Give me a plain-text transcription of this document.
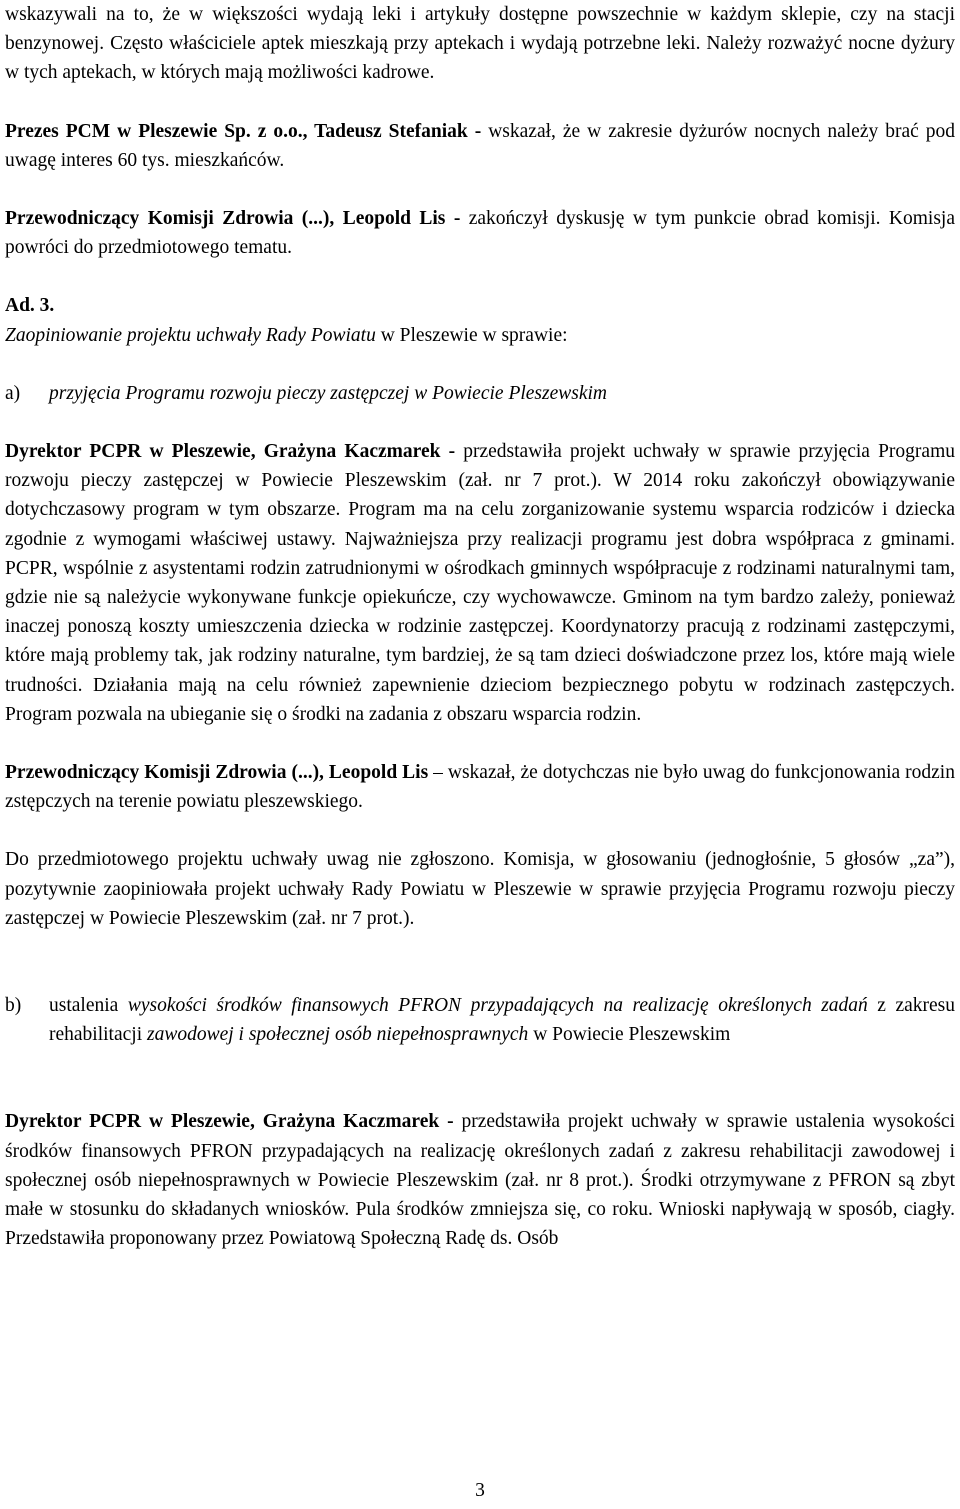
wskazywali na to, że w większości wydają leki i artykuły dostępne powszechnie w każdym sklepie, czy na stacji benzynowej. Często właściciele aptek mieszkają przy aptekach i wydają potrzebne leki. Należy rozważyć nocne dyżury w tych aptekach, w których mają możliwości kadrowe.

Prezes PCM w Pleszewie Sp. z o.o., Tadeusz Stefaniak - wskazał, że w zakresie dyżurów nocnych należy brać pod uwagę interes 60 tys. mieszkańców.

Przewodniczący Komisji Zdrowia (...), Leopold Lis - zakończył dyskusję w tym punkcie obrad komisji. Komisja powróci do przedmiotowego tematu.

Ad. 3.

Zaopiniowanie projektu uchwały Rady Powiatu w Pleszewie w sprawie:

a)	przyjęcia Programu rozwoju pieczy zastępczej w Powiecie Pleszewskim

Dyrektor PCPR w Pleszewie, Grażyna Kaczmarek - przedstawiła projekt uchwały w sprawie przyjęcia Programu rozwoju pieczy zastępczej w Powiecie Pleszewskim (zał. nr 7 prot.). W 2014 roku zakończył obowiązywanie dotychczasowy program w tym obszarze. Program ma na celu zorganizowanie systemu wsparcia rodziców i dziecka zgodnie z wymogami właściwej ustawy. Najważniejsza przy realizacji programu jest dobra współpraca z gminami. PCPR, wspólnie z asystentami rodzin zatrudnionymi w ośrodkach gminnych współpracuje z rodzinami naturalnymi tam, gdzie nie są należycie wykonywane funkcje opiekuńcze, czy wychowawcze. Gminom na tym bardzo zależy, ponieważ inaczej ponoszą koszty umieszczenia dziecka w rodzinie zastępczej. Koordynatorzy pracują z rodzinami zastępczymi, które mają problemy tak, jak rodziny naturalne, tym bardziej, że są tam dzieci doświadczone przez los, które mają wiele trudności. Działania mają na celu również zapewnienie dzieciom bezpiecznego pobytu w rodzinach zastępczych. Program pozwala na ubieganie się o środki na zadania z obszaru wsparcia rodzin.

Przewodniczący Komisji Zdrowia (...), Leopold Lis – wskazał, że dotychczas nie było uwag do funkcjonowania rodzin zstępczych na terenie powiatu pleszewskiego.

Do przedmiotowego projektu uchwały uwag nie zgłoszono. Komisja, w głosowaniu (jednogłośnie, 5 głosów „za”), pozytywnie zaopiniowała projekt uchwały Rady Powiatu w Pleszewie w sprawie przyjęcia Programu rozwoju pieczy zastępczej w Powiecie Pleszewskim (zał. nr 7 prot.).

b)	ustalenia wysokości środków finansowych PFRON przypadających na realizację określonych zadań z zakresu rehabilitacji zawodowej i społecznej osób niepełnosprawnych w Powiecie Pleszewskim

Dyrektor PCPR w Pleszewie, Grażyna Kaczmarek - przedstawiła projekt uchwały w sprawie ustalenia wysokości środków finansowych PFRON przypadających na realizację określonych zadań z zakresu rehabilitacji zawodowej i społecznej osób niepełnosprawnych w Powiecie Pleszewskim (zał. nr 8 prot.). Środki otrzymywane z PFRON są zbyt małe w stosunku do składanych wniosków. Pula środków zmniejsza się, co roku. Wnioski napływają w sposób, ciagły. Przedstawiła proponowany przez Powiatową Społeczną Radę ds. Osób

3
